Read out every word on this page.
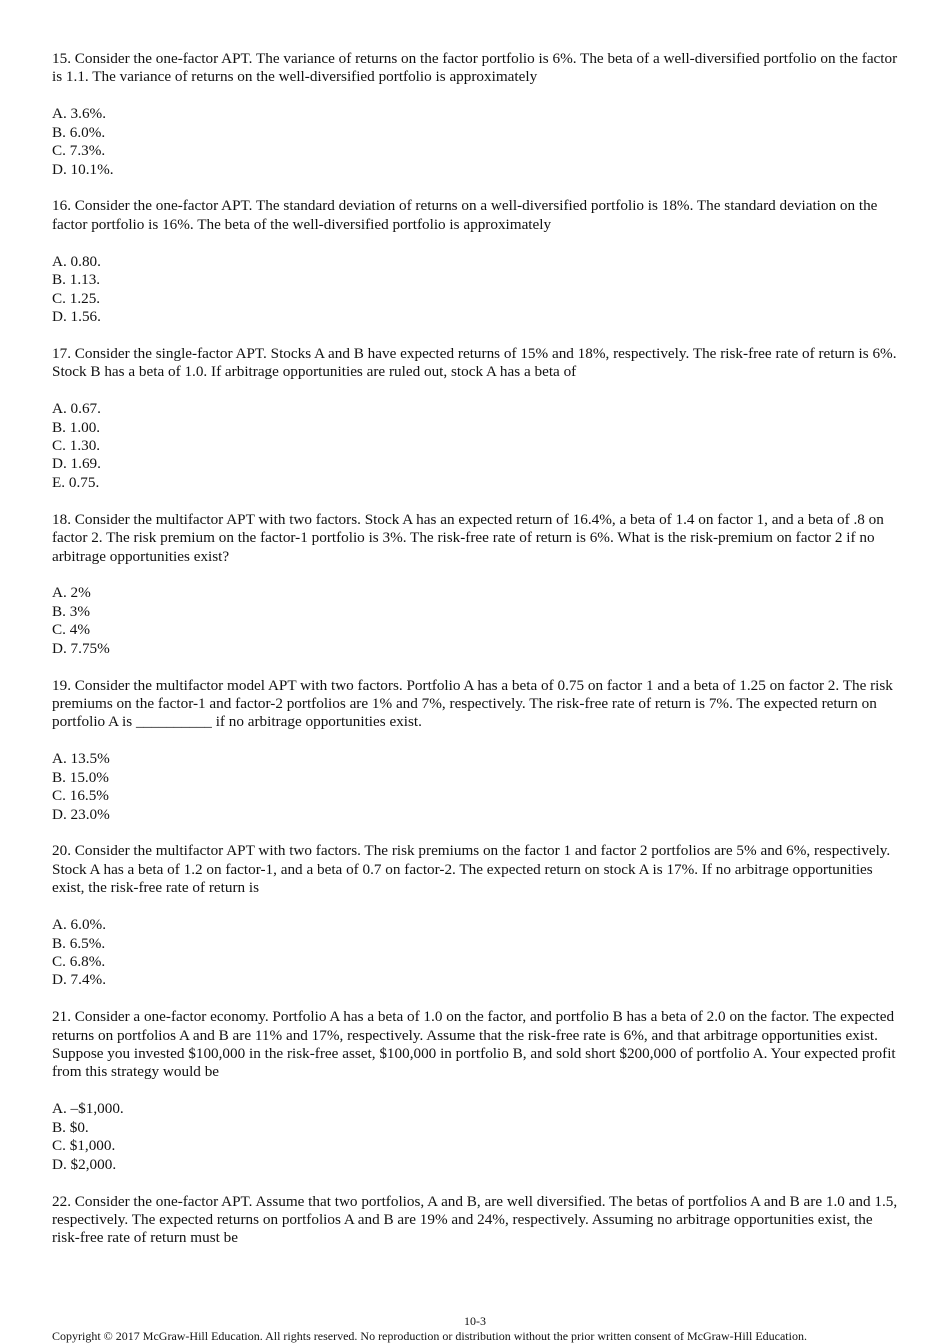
15. Consider the one-factor APT. The variance of returns on the factor portfolio is 6%. The beta of a well-diversified portfolio on the factor is 1.1. The variance of returns on the well-diversified portfolio is approximately

A. 3.6%.

B. 6.0%.

C. 7.3%.

D. 10.1%.

16. Consider the one-factor APT. The standard deviation of returns on a well-diversified portfolio is 18%. The standard deviation on the factor portfolio is 16%. The beta of the well-diversified portfolio is approximately

A. 0.80.

B. 1.13.

C. 1.25.

D. 1.56.

17. Consider the single-factor APT. Stocks A and B have expected returns of 15% and 18%, respectively. The risk-free rate of return is 6%. Stock B has a beta of 1.0. If arbitrage opportunities are ruled out, stock A has a beta of

A. 0.67.

B. 1.00.

C. 1.30.

D. 1.69.

E. 0.75.

18. Consider the multifactor APT with two factors. Stock A has an expected return of 16.4%, a beta of 1.4 on factor 1, and a beta of .8 on factor 2. The risk premium on the factor-1 portfolio is 3%. The risk-free rate of return is 6%. What is the risk-premium on factor 2 if no arbitrage opportunities exist?

A. 2%

B. 3%

C. 4%

D. 7.75%

19. Consider the multifactor model APT with two factors. Portfolio A has a beta of 0.75 on factor 1 and a beta of 1.25 on factor 2. The risk premiums on the factor-1 and factor-2 portfolios are 1% and 7%, respectively. The risk-free rate of return is 7%. The expected return on portfolio A is __________ if no arbitrage opportunities exist.

A. 13.5%

B. 15.0%

C. 16.5%

D. 23.0%

20. Consider the multifactor APT with two factors. The risk premiums on the factor 1 and factor 2 portfolios are 5% and 6%, respectively. Stock A has a beta of 1.2 on factor-1, and a beta of 0.7 on factor-2. The expected return on stock A is 17%. If no arbitrage opportunities exist, the risk-free rate of return is

A. 6.0%.

B. 6.5%.

C. 6.8%.

D. 7.4%.

21. Consider a one-factor economy. Portfolio A has a beta of 1.0 on the factor, and portfolio B has a beta of 2.0 on the factor. The expected returns on portfolios A and B are 11% and 17%, respectively. Assume that the risk-free rate is 6%, and that arbitrage opportunities exist. Suppose you invested $100,000 in the risk-free asset, $100,000 in portfolio B, and sold short $200,000 of portfolio A. Your expected profit from this strategy would be

A. –$1,000.

B. $0.

C. $1,000.

D. $2,000.

22. Consider the one-factor APT. Assume that two portfolios, A and B, are well diversified. The betas of portfolios A and B are 1.0 and 1.5, respectively. The expected returns on portfolios A and B are 19% and 24%, respectively. Assuming no arbitrage opportunities exist, the risk-free rate of return must be

10-3
Copyright © 2017 McGraw-Hill Education. All rights reserved. No reproduction or distribution without the prior written consent of McGraw-Hill Education.
